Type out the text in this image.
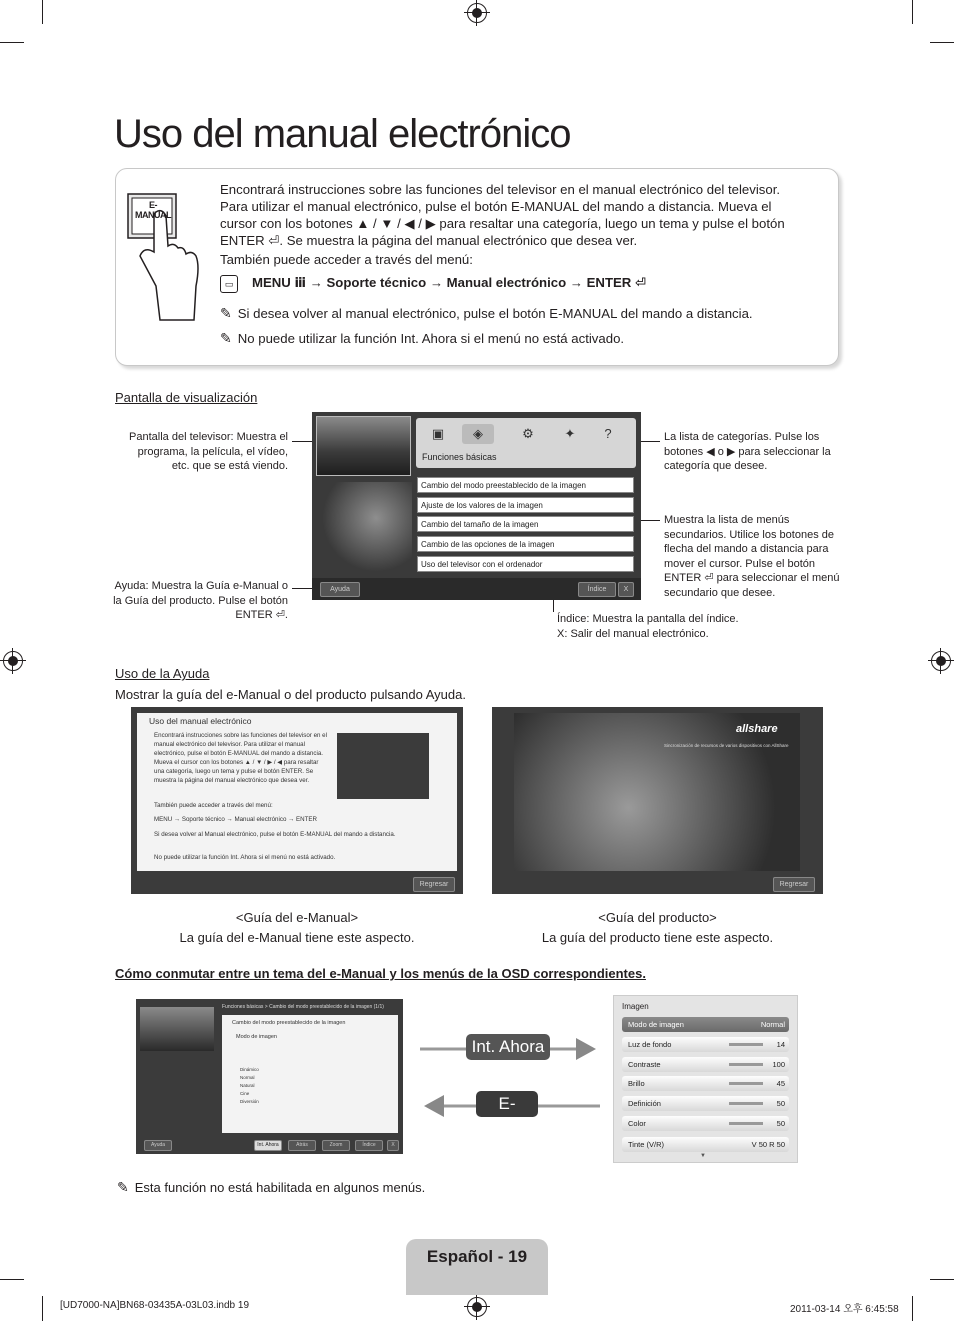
Uso del manual electrónico
E-MANUAL
Encontrará instrucciones sobre las funciones del televisor en el manual electrónico del televisor. Para utilizar el manual electrónico, pulse el botón E-MANUAL del mando a distancia. Mueva el cursor con los botones ▲ / ▼ / ◀ / ▶ para resaltar una categoría, luego un tema y pulse el botón ENTER ⏎. Se muestra la página del manual electrónico que desea ver.
También puede acceder a través del menú:
▭ MENU ⅲ → Soporte técnico → Manual electrónico → ENTER ⏎
✎ Si desea volver al manual electrónico, pulse el botón E-MANUAL del mando a distancia.
✎ No puede utilizar la función Int. Ahora si el menú no está activado.
Pantalla de visualización
Pantalla del televisor: Muestra el programa, la película, el vídeo, etc. que se está viendo.
Ayuda: Muestra la Guía e-Manual o la Guía del producto. Pulse el botón ENTER ⏎.
La lista de categorías. Pulse los botones ◀ o ▶ para seleccionar la categoría que desee.
Muestra la lista de menús secundarios. Utilice los botones de flecha del mando a distancia para mover el cursor. Pulse el botón ENTER ⏎ para seleccionar el menú secundario que desee.
Índice: Muestra la pantalla del índice.
X: Salir del manual electrónico.
▣	◈	⚙	✦	?
Funciones básicas
Cambio del modo preestablecido de la imagen
Ajuste de los valores de la imagen
Cambio del tamaño de la imagen
Cambio de las opciones de la imagen
Uso del televisor con el ordenador
Ayuda	Índice	X
Uso de la Ayuda
Mostrar la guía del e-Manual o del producto pulsando Ayuda.
Uso del manual electrónico
Encontrará instrucciones sobre las funciones del televisor en el manual electrónico del televisor. Para utilizar el manual electrónico, pulse el botón E-MANUAL del mando a distancia. Mueva el cursor con los botones ▲ / ▼ / ▶ / ◀ para resaltar una categoría, luego un tema y pulse el botón ENTER. Se muestra la página del manual electrónico que desea ver.
También puede acceder a través del menú:
MENU → Soporte técnico → Manual electrónico → ENTER
Si desea volver al Manual electrónico, pulse el botón E-MANUAL del mando a distancia.
No puede utilizar la función Int. Ahora si el menú no está activado.
Regresar
allshare
Sincronización de recursos de varios dispositivos con AllShare
Regresar
<Guía del e-Manual>
La guía del e-Manual tiene este aspecto.
<Guía del producto>
La guía del producto tiene este aspecto.
Cómo conmutar entre un tema del e-Manual y los menús de la OSD correspondientes.
Funciones básicas > Cambio del modo preestablecido de la imagen (1/1)
Cambio del modo preestablecido de la imagen
Modo de imagen
Dinámico
Normal
Natural
Cine
Diversión
Ayuda	Int. Ahora	Atrás	Zoom	Índice	X
Int. Ahora
E-MANUAL
Imagen
Modo de imagen	Normal
Luz de fondo	14
Contraste	100
Brillo	45
Definición	50
Color	50
Tinte (V/R)	V 50 R 50
▼
✎ Esta función no está habilitada en algunos menús.
Español - 19
[UD7000-NA]BN68-03435A-03L03.indb 19	2011-03-14 오후 6:45:58
